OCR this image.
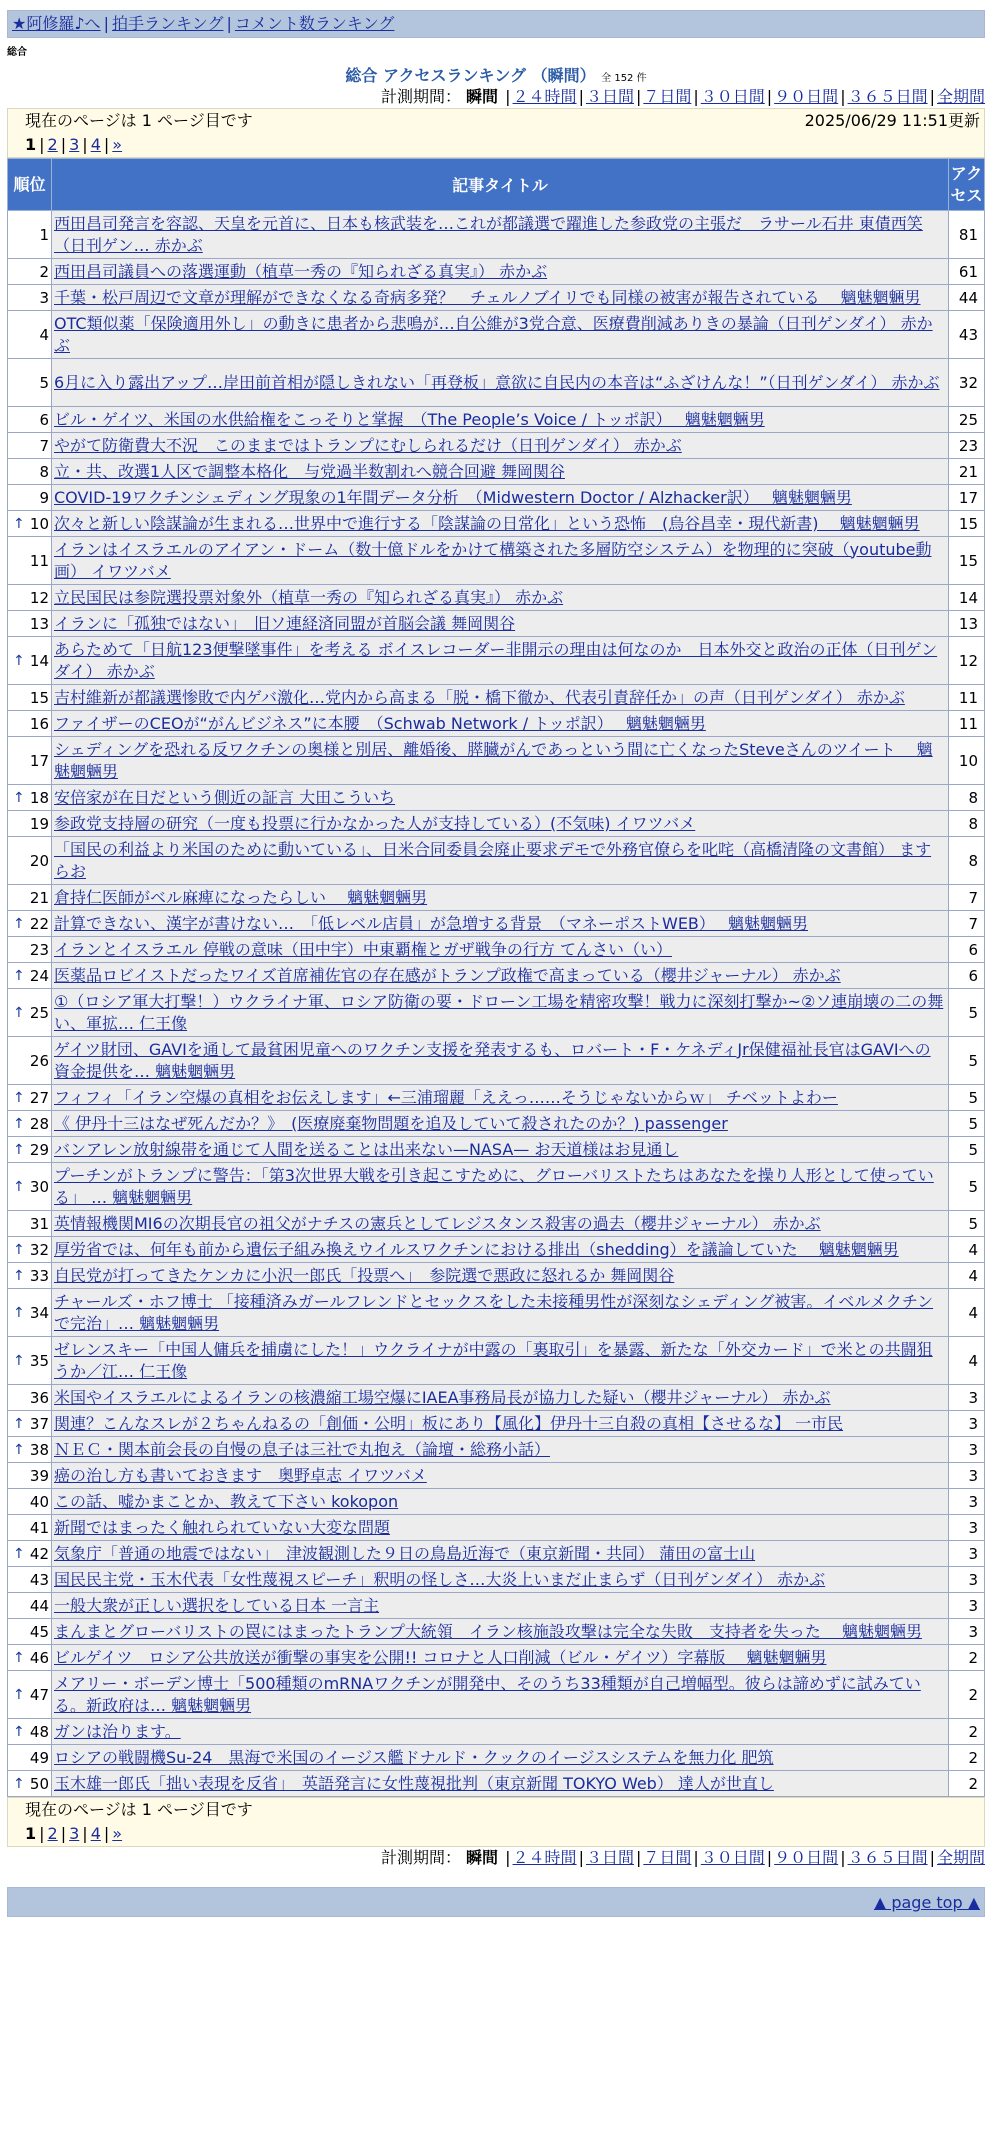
★阿修羅♪へ | 拍手ランキング | コメント数ランキング
総合
総合 アクセスランキング （瞬間） 全 152 件
計測期間： 瞬間 | ２４時間 | ３日間 | ７日間 | ３０日間 | ９０日間 | ３６５日間 | 全期間
現在のページは 1 ページ目です	2025/06/29 11:51更新
1 | 2 | 3 | 4 | »
順位	記事タイトル	アクセス
1	西田昌司発言を容認、天皇を元首に、日本も核武装を…これが都議選で躍進した参政党の主張だ　ラサール石井 東債西笑（日刊ゲン… 赤かぶ	81
2	西田昌司議員への落選運動（植草一秀の『知られざる真実』） 赤かぶ	61
3	千葉・松戸周辺で文章が理解ができなくなる奇病多発？　チェルノブイリでも同様の被害が報告されている　 魑魅魍魎男	44
4	OTC類似薬「保険適用外し」の動きに患者から悲鳴が…自公維が3党合意、医療費削減ありきの暴論（日刊ゲンダイ） 赤かぶ	43
5	6月に入り露出アップ…岸田前首相が隠しきれない「再登板」意欲に自民内の本音は“ふざけんな！”（日刊ゲンダイ） 赤かぶ	32
6	ビル・ゲイツ、米国の水供給権をこっそりと掌握　（The People’s Voice / トッポ訳）　 魑魅魍魎男	25
7	やがて防衛費大不況　このままではトランプにむしられるだけ（日刊ゲンダイ） 赤かぶ	23
8	立・共、改選1人区で調整本格化　与党過半数割れへ競合回避 舞岡関谷	21
9	COVID-19ワクチンシェディング現象の1年間データ分析　（Midwestern Doctor / Alzhacker訳）　 魑魅魍魎男	17

↑ 10	次々と新しい陰謀論が生まれる…世界中で進行する「陰謀論の日常化」という恐怖　(烏谷昌幸・現代新書)　 魑魅魍魎男	15
11	イランはイスラエルのアイアン・ドーム（数十億ドルをかけて構築された多層防空システム）を物理的に突破（youtube動画） イワツバメ	15
12	立民国民は参院選投票対象外（植草一秀の『知られざる真実』） 赤かぶ	14
13	イランに「孤独ではない」　旧ソ連経済同盟が首脳会議 舞岡関谷	13

↑ 14	あらためて「日航123便撃墜事件」を考える ボイスレコーダー非開示の理由は何なのか　日本外交と政治の正体（日刊ゲンダイ） 赤かぶ	12
15	吉村維新が都議選惨敗で内ゲバ激化…党内から高まる「脱・橋下徹か、代表引責辞任か」の声（日刊ゲンダイ） 赤かぶ	11
16	ファイザーのCEOが“がんビジネス”に本腰　（Schwab Network / トッポ訳）　 魑魅魍魎男	11
17	シェディングを恐れる反ワクチンの奥様と別居、離婚後、膵臓がんであっという間に亡くなったSteveさんのツイート　 魑魅魍魎男	10

↑ 18	安倍家が在日だという側近の証言 大田こういち	8
19	参政党支持層の研究（一度も投票に行かなかった人が支持している）(不気味) イワツバメ	8
20	「国民の利益より米国のために動いている」、日米合同委員会廃止要求デモで外務官僚らを叱咤（高橋清隆の文書館） ますらお	8
21	倉持仁医師がベル麻痺になったらしい　 魑魅魍魎男	7

↑ 22	計算できない、漢字が書けない…　「低レベル店員」が急増する背景　（マネーポストWEB）　 魑魅魍魎男	7
23	イランとイスラエル 停戦の意味（田中宇）中東覇権とガザ戦争の行方 てんさい（い）	6

↑ 24	医薬品ロビイストだったワイズ首席補佐官の存在感がトランプ政権で高まっている（櫻井ジャーナル） 赤かぶ	6

↑ 25	①（ロシア軍大打撃！）ウクライナ軍、ロシア防衛の要・ドローン工場を精密攻撃！戦力に深刻打撃か~②ソ連崩壊の二の舞い、軍拡… 仁王像	5
26	ゲイツ財団、GAVIを通して最貧困児童へのワクチン支援を発表するも、ロバート・F・ケネディJr保健福祉長官はGAVIへの資金提供を… 魑魅魍魎男	5

↑ 27	フィフィ「イラン空爆の真相をお伝えします」←三浦瑠麗「ええっ……そうじゃないからｗ」 チベットよわー	5

↑ 28	《 伊丹十三はなぜ死んだか？》　(医療廃棄物問題を追及していて殺されたのか？) passenger	5

↑ 29	バンアレン放射線帯を通じて人間を送ることは出来ない—NASA— お天道様はお見通し	5

↑ 30	プーチンがトランプに警告：「第3次世界大戦を引き起こすために、グローバリストたちはあなたを操り人形として使っている」 … 魑魅魍魎男	5
31	英情報機関MI6の次期長官の祖父がナチスの憲兵としてレジスタンス殺害の過去（櫻井ジャーナル） 赤かぶ	5

↑ 32	厚労省では、何年も前から遺伝子組み換えウイルスワクチンにおける排出（shedding）を議論していた　 魑魅魍魎男	4

↑ 33	自民党が打ってきたケンカに小沢一郎氏「投票へ」　参院選で悪政に怒れるか 舞岡関谷	4

↑ 34	チャールズ・ホフ博士 「接種済みガールフレンドとセックスをした未接種男性が深刻なシェディング被害。イベルメクチンで完治」… 魑魅魍魎男	4

↑ 35	ゼレンスキー「中国人傭兵を捕虜にした！」ウクライナが中露の「裏取引」を暴露、新たな「外交カード」で米との共闘狙うか／江… 仁王像	4
36	米国やイスラエルによるイランの核濃縮工場空爆にIAEA事務局長が協力した疑い（櫻井ジャーナル） 赤かぶ	3

↑ 37	関連？こんなスレが２ちゃんねるの「創価・公明」板にあり【風化】伊丹十三自殺の真相【させるな】 一市民	3

↑ 38	ＮＥＣ・関本前会長の自慢の息子は三社で丸抱え（論壇・総務小話）	3
39	癌の治し方も書いておきます　奥野卓志 イワツバメ	3
40	この話、嘘かまことか、教えて下さい kokopon	3
41	新聞ではまったく触れられていない大変な問題	3

↑ 42	気象庁「普通の地震ではない」　津波観測した９日の鳥島近海で（東京新聞・共同） 蒲田の富士山	3
43	国民民主党・玉木代表「女性蔑視スピーチ」釈明の怪しさ…大炎上いまだ止まらず（日刊ゲンダイ） 赤かぶ	3
44	一般大衆が正しい選択をしている日本 一言主	3
45	まんまとグローバリストの罠にはまったトランプ大統領　イラン核施設攻撃は完全な失敗　支持者を失った　 魑魅魍魎男	3

↑ 46	ビルゲイツ　ロシア公共放送が衝撃の事実を公開!! コロナと人口削減（ビル・ゲイツ）字幕版　 魑魅魍魎男	2

↑ 47	メアリー・ボーデン博士「500種類のmRNAワクチンが開発中、そのうち33種類が自己増幅型。彼らは諦めずに試みている。新政府は… 魑魅魍魎男	2

↑ 48	ガンは治ります。	2
49	ロシアの戦闘機Su-24　黒海で米国のイージス艦ドナルド・クックのイージスシステムを無力化 肥筑	2

↑ 50	玉木雄一郎氏「拙い表現を反省」　英語発言に女性蔑視批判（東京新聞 TOKYO Web） 達人が世直し	2
現在のページは 1 ページ目です
1 | 2 | 3 | 4 | »
計測期間： 瞬間 | ２４時間 | ３日間 | ７日間 | ３０日間 | ９０日間 | ３６５日間 | 全期間
▲ page top ▲
